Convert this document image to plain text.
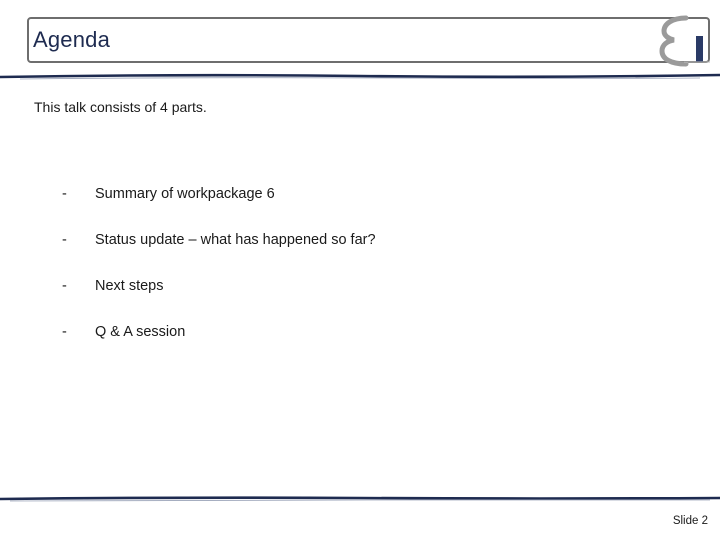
Agenda
This talk consists of 4 parts.
-	Summary of workpackage 6
-	Status update – what has happened so far?
-	Next steps
-	Q & A session
Slide 2
